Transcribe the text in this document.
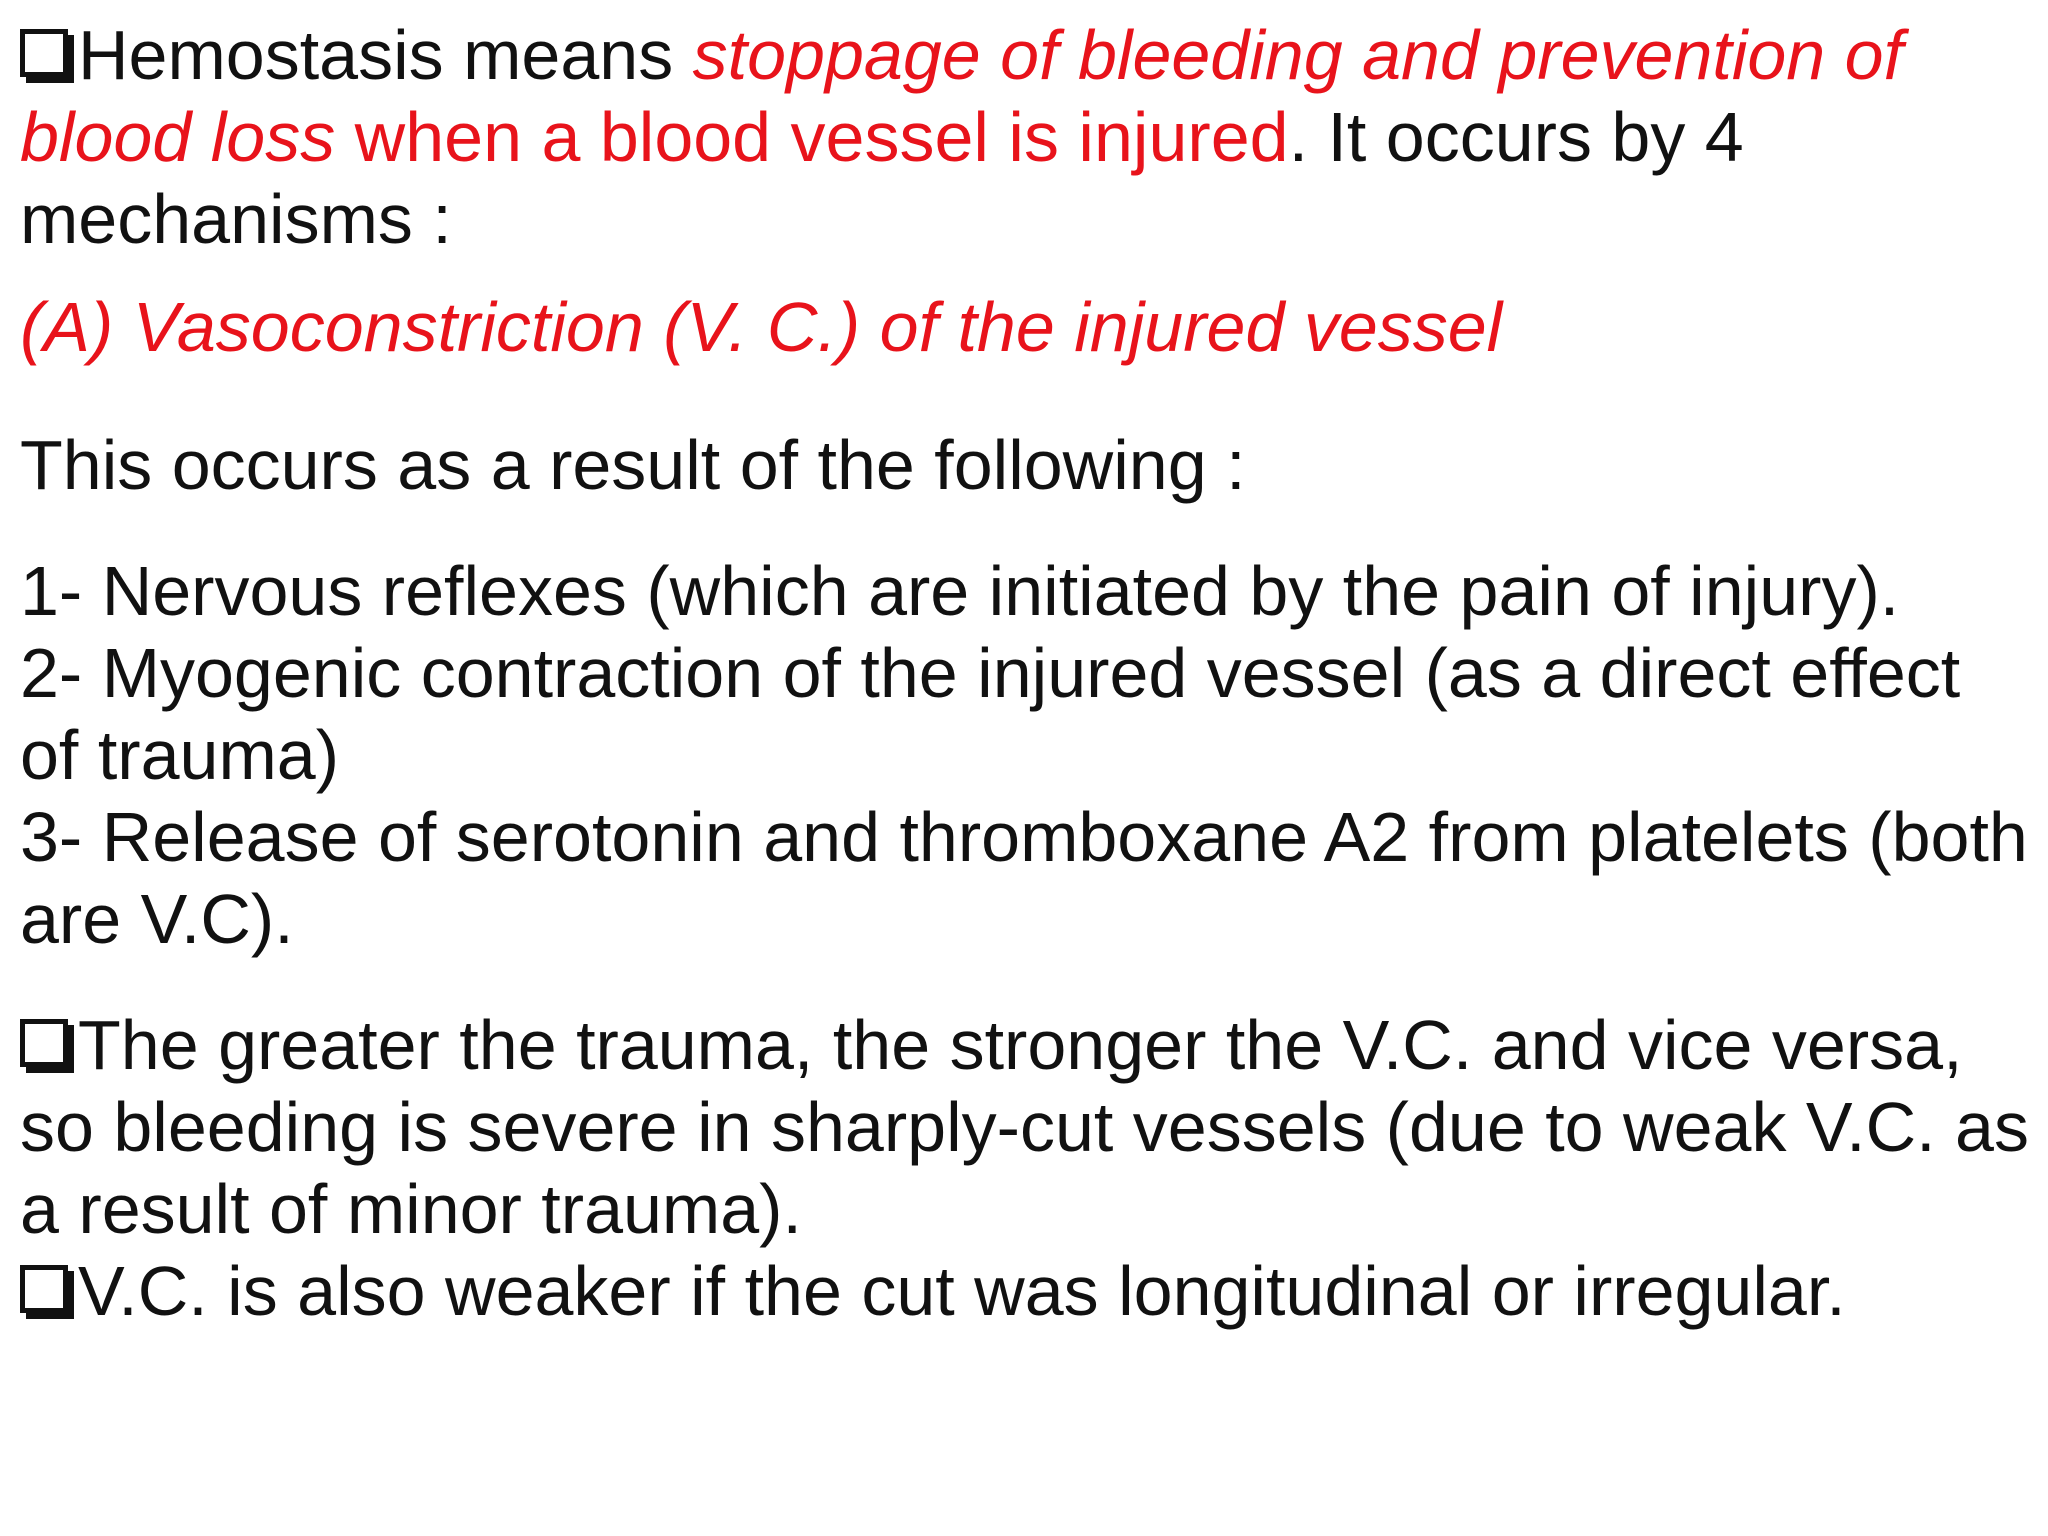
Hemostasis means stoppage of bleeding and prevention of blood loss when a blood vessel is injured. It occurs by 4 mechanisms :

(A) Vasoconstriction (V. C.) of the injured vessel

This occurs as a result of the following :

1- Nervous reflexes (which are initiated by the pain of injury).

2- Myogenic contraction of the injured vessel (as a direct effect of trauma)

3- Release of serotonin and thromboxane A2 from platelets (both are V.C).

The greater the trauma, the stronger the V.C. and vice versa, so bleeding is severe in sharply-cut vessels (due to weak V.C. as a result of minor trauma).

V.C. is also weaker if the cut was longitudinal or irregular.
